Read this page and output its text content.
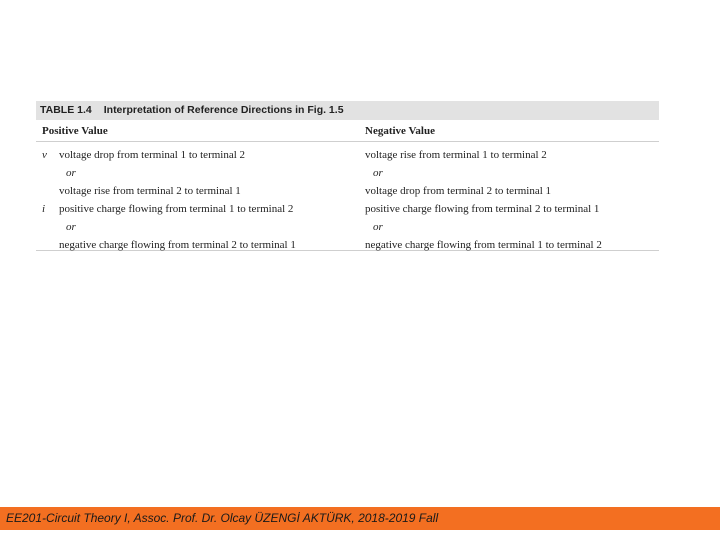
TABLE 1.4 Interpretation of Reference Directions in Fig. 1.5
Positive Value	Negative Value
v voltage drop from terminal 1 to terminal 2	voltage rise from terminal 1 to terminal 2
or	or
voltage rise from terminal 2 to terminal 1	voltage drop from terminal 2 to terminal 1
i positive charge flowing from terminal 1 to terminal 2	positive charge flowing from terminal 2 to terminal 1
or	or
negative charge flowing from terminal 2 to terminal 1	negative charge flowing from terminal 1 to terminal 2
EE201-Circuit Theory I, Assoc. Prof. Dr. Olcay ÜZENGİ AKTÜRK, 2018-2019 Fall
